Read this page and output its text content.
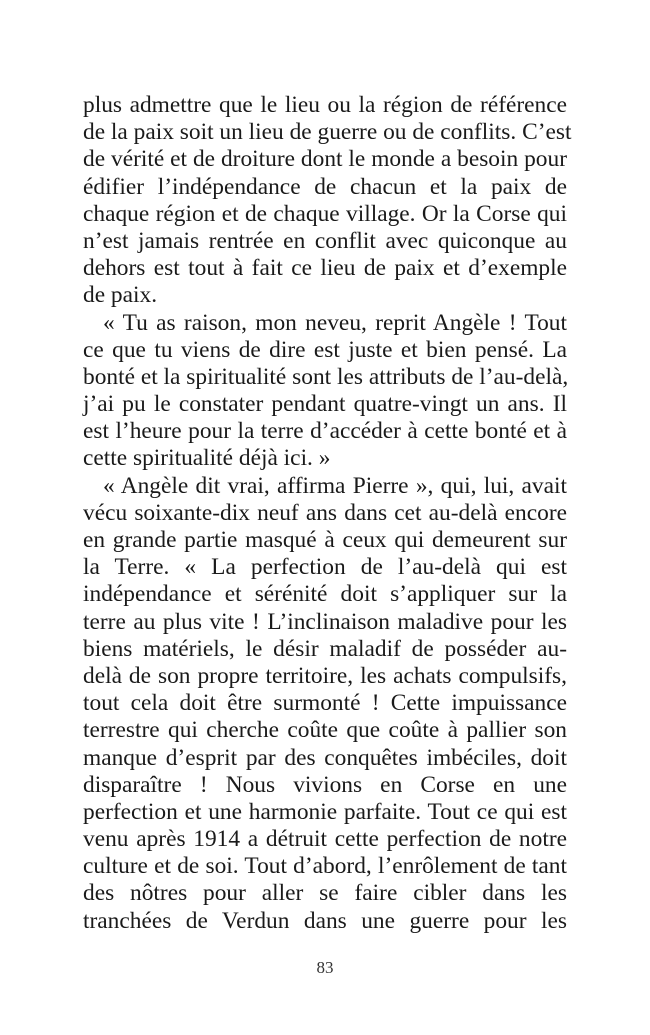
plus admettre que le lieu ou la région de référence
de la paix soit un lieu de guerre ou de conflits. C’est
de vérité et de droiture dont le monde a besoin pour
édifier l’indépendance de chacun et la paix de
chaque région et de chaque village. Or la Corse qui
n’est jamais rentrée en conflit avec quiconque au
dehors est tout à fait ce lieu de paix et d’exemple
de paix.
« Tu as raison, mon neveu, reprit Angèle ! Tout
ce que tu viens de dire est juste et bien pensé. La
bonté et la spiritualité sont les attributs de l’au-delà,
j’ai pu le constater pendant quatre-vingt un ans. Il
est l’heure pour la terre d’accéder à cette bonté et à
cette spiritualité déjà ici. »
« Angèle dit vrai, affirma Pierre », qui, lui, avait
vécu soixante-dix neuf ans dans cet au-delà encore
en grande partie masqué à ceux qui demeurent sur
la Terre. « La perfection de l’au-delà qui est
indépendance et sérénité doit s’appliquer sur la
terre au plus vite ! L’inclinaison maladive pour les
biens matériels, le désir maladif de posséder au-
delà de son propre territoire, les achats compulsifs,
tout cela doit être surmonté ! Cette impuissance
terrestre qui cherche coûte que coûte à pallier son
manque d’esprit par des conquêtes imbéciles, doit
disparaître ! Nous vivions en Corse en une
perfection et une harmonie parfaite. Tout ce qui est
venu après 1914 a détruit cette perfection de notre
culture et de soi. Tout d’abord, l’enrôlement de tant
des nôtres pour aller se faire cibler dans les
tranchées de Verdun dans une guerre pour les
83
